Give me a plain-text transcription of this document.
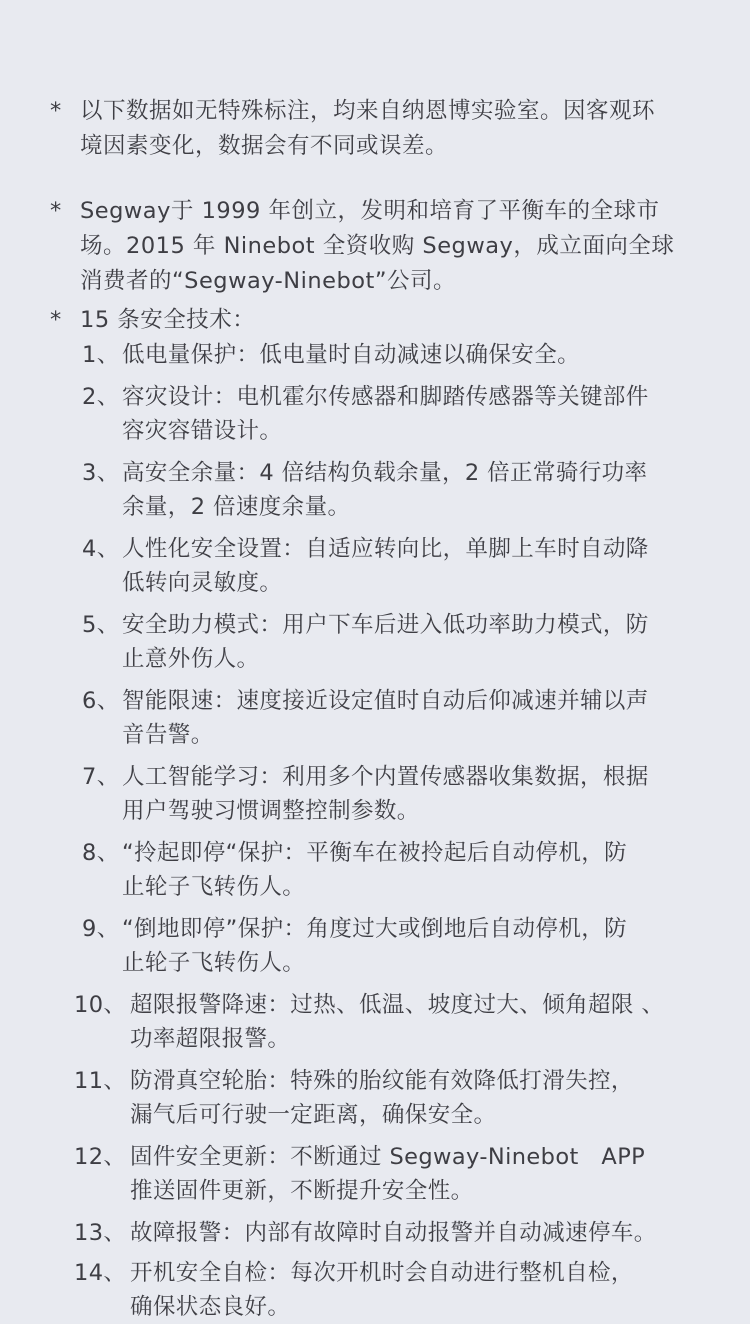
* 以下数据如无特殊标注，均来自纳恩博实验室。因客观环
境因素变化，数据会有不同或误差。
* Segway于 1999 年创立，发明和培育了平衡车的全球市
场。2015 年 Ninebot 全资收购 Segway，成立面向全球
消费者的“Segway-Ninebot”公司。
* 15 条安全技术：
1、 低电量保护：低电量时自动减速以确保安全。
2、 容灾设计：电机霍尔传感器和脚踏传感器等关键部件
容灾容错设计。
3、 高安全余量：4 倍结构负载余量，2 倍正常骑行功率
余量，2 倍速度余量。
4、 人性化安全设置：自适应转向比，单脚上车时自动降
低转向灵敏度。
5、 安全助力模式：用户下车后进入低功率助力模式，防
止意外伤人。
6、 智能限速：速度接近设定值时自动后仰减速并辅以声
音告警。
7、 人工智能学习：利用多个内置传感器收集数据，根据
用户驾驶习惯调整控制参数。
8、 “拎起即停“保护：平衡车在被拎起后自动停机，防
止轮子飞转伤人。
9、 “倒地即停”保护：角度过大或倒地后自动停机，防
止轮子飞转伤人。
10、 超限报警降速：过热、低温、坡度过大、倾角超限 、
功率超限报警。
11、 防滑真空轮胎：特殊的胎纹能有效降低打滑失控，
漏气后可行驶一定距离，确保安全。
12、 固件安全更新：不断通过 Segway-Ninebot   APP
推送固件更新，不断提升安全性。
13、 故障报警：内部有故障时自动报警并自动减速停车。
14、 开机安全自检：每次开机时会自动进行整机自检，
确保状态良好。
